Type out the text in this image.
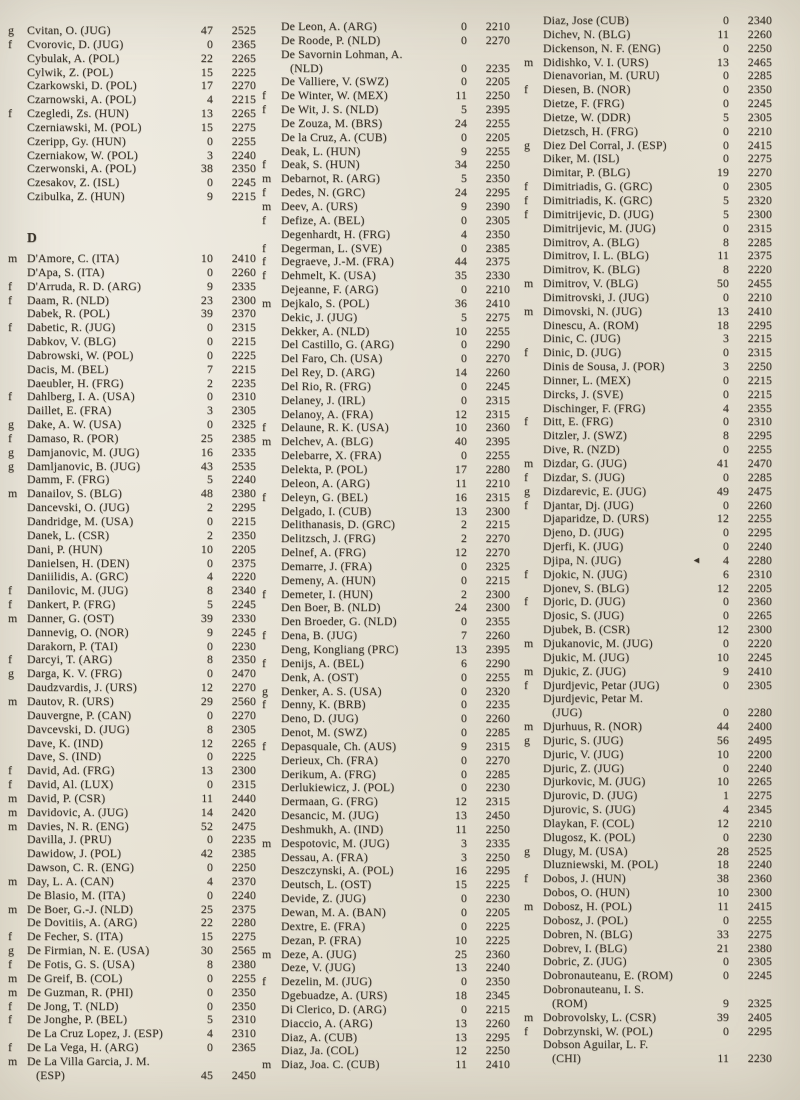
g	Cvitan, O. (JUG)	47	2525
f	Cvorovic, D. (JUG)	0	2365
Cybulak, A. (POL)	22	2265
Cylwik, Z. (POL)	15	2225
Czarkowski, D. (POL)	17	2270
Czarnowski, A. (POL)	4	2215
f	Czegledi, Zs. (HUN)	13	2265
Czerniawski, M. (POL)	15	2275
Czeripp, Gy. (HUN)	0	2255
Czerniakow, W. (POL)	3	2240
Czerwonski, A. (POL)	38	2350
Czesakov, Z. (ISL)	0	2245
Czibulka, Z. (HUN)	9	2215
D
m D'Amore, C. (ITA)	10	2410
D'Apa, S. (ITA)	0	2260
f	D'Arruda, R. D. (ARG)	9	2335
f	Daam, R. (NLD)	23	2300
Dabek, R. (POL)	39	2370
f	Dabetic, R. (JUG)	0	2315
Dabkov, V. (BLG)	0	2215
Dabrowski, W. (POL)	0	2225
Dacis, M. (BEL)	7	2215
Daeubler, H. (FRG)	2	2235
f	Dahlberg, I. A. (USA)	0	2310
Daillet, E. (FRA)	3	2305
g	Dake, A. W. (USA)	0	2325
f	Damaso, R. (POR)	25	2385
g	Damjanovic, M. (JUG)	16	2335
g	Damljanovic, B. (JUG)	43	2535
Damm, F. (FRG)	5	2240
m Danailov, S. (BLG)	48	2380
Dancevski, O. (JUG)	2	2295
Dandridge, M. (USA)	0	2215
Danek, L. (CSR)	2	2350
Dani, P. (HUN)	10	2205
Danielsen, H. (DEN)	0	2375
Daniilidis, A. (GRC)	4	2220
f	Danilovic, M. (JUG)	8	2340
f	Dankert, P. (FRG)	5	2245
m Danner, G. (OST)	39	2330
Dannevig, O. (NOR)	9	2245
Darakorn, P. (TAI)	0	2230
f	Darcyi, T. (ARG)	8	2350
g	Darga, K. V. (FRG)	0	2470
Daudzvardis, J. (URS)	12	2270
m Dautov, R. (URS)	29	2560
Dauvergne, P. (CAN)	0	2270
Davcevski, D. (JUG)	8	2305
Dave, K. (IND)	12	2265
Dave, S. (IND)	0	2225
f	David, Ad. (FRG)	13	2300
f	David, Al. (LUX)	0	2315
m David, P. (CSR)	11	2440
m Davidovic, A. (JUG)	14	2420
m Davies, N. R. (ENG)	52	2475
Davilla, J. (PRU)	0	2235
Dawidow, J. (POL)	42	2385
Dawson, C. R. (ENG)	0	2250
m Day, L. A. (CAN)	4	2370
De Blasio, M. (ITA)	0	2240
m De Boer, G.-J. (NLD)	25	2375
De Dovitiis, A. (ARG)	22	2280
f	De Fecher, S. (ITA)	15	2275
g	De Firmian, N. E. (USA)	30	2565
f	De Fotis, G. S. (USA)	8	2380
m De Greif, B. (COL)	0	2255
m De Guzman, R. (PHI)	0	2350
f	De Jong, T. (NLD)	0	2350
f	De Jonghe, P. (BEL)	5	2310
De La Cruz Lopez, J. (ESP)	4	2310
f	De La Vega, H. (ARG)	0	2365
m De La Villa Garcia, J. M.
(ESP)	45	2450
De Leon, A. (ARG)	0	2210
De Roode, P. (NLD)	0	2270
De Savornin Lohman, A.
(NLD)	0	2235
De Valliere, V. (SWZ)	0	2205
f	De Winter, W. (MEX)	11	2250
f	De Wit, J. S. (NLD)	5	2395
De Zouza, M. (BRS)	24	2255
De la Cruz, A. (CUB)	0	2205
Deak, L. (HUN)	9	2255
f	Deak, S. (HUN)	34	2250
m Debarnot, R. (ARG)	5	2350
f	Dedes, N. (GRC)	24	2295
m Deev, A. (URS)	9	2390
f	Defize, A. (BEL)	0	2305
Degenhardt, H. (FRG)	4	2350
f	Degerman, L. (SVE)	0	2385
f	Degraeve, J.-M. (FRA)	44	2375
f	Dehmelt, K. (USA)	35	2330
Dejeanne, F. (ARG)	0	2210
m Dejkalo, S. (POL)	36	2410
Dekic, J. (JUG)	5	2275
Dekker, A. (NLD)	10	2255
Del Castillo, G. (ARG)	0	2290
Del Faro, Ch. (USA)	0	2270
Del Rey, D. (ARG)	14	2260
Del Rio, R. (FRG)	0	2245
Delaney, J. (IRL)	0	2315
Delanoy, A. (FRA)	12	2315
f	Delaune, R. K. (USA)	10	2360
m Delchev, A. (BLG)	40	2395
Delebarre, X. (FRA)	0	2255
Delekta, P. (POL)	17	2280
Deleon, A. (ARG)	11	2210
f	Deleyn, G. (BEL)	16	2315
Delgado, I. (CUB)	13	2300
Delithanasis, D. (GRC)	2	2215
Delitzsch, J. (FRG)	2	2270
Delnef, A. (FRG)	12	2270
Demarre, J. (FRA)	0	2325
Demeny, A. (HUN)	0	2215
f	Demeter, I. (HUN)	2	2300
Den Boer, B. (NLD)	24	2300
Den Broeder, G. (NLD)	0	2355
f	Dena, B. (JUG)	7	2260
Deng, Kongliang (PRC)	13	2395
f	Denijs, A. (BEL)	6	2290
Denk, A. (OST)	0	2255
g	Denker, A. S. (USA)	0	2320
f	Denny, K. (BRB)	0	2235
Deno, D. (JUG)	0	2260
Denot, M. (SWZ)	0	2285
f	Depasquale, Ch. (AUS)	9	2315
Derieux, Ch. (FRA)	0	2270
Derikum, A. (FRG)	0	2285
Derlukiewicz, J. (POL)	0	2230
Dermaan, G. (FRG)	12	2315
Desancic, M. (JUG)	13	2450
Deshmukh, A. (IND)	11	2250
m Despotovic, M. (JUG)	3	2335
Dessau, A. (FRA)	3	2250
Deszczynski, A. (POL)	16	2295
Deutsch, L. (OST)	15	2225
Devide, Z. (JUG)	0	2230
Dewan, M. A. (BAN)	0	2205
Dextre, E. (FRA)	0	2225
Dezan, P. (FRA)	10	2225
m Deze, A. (JUG)	25	2360
Deze, V. (JUG)	13	2240
f	Dezelin, M. (JUG)	0	2350
Dgebuadze, A. (URS)	18	2345
Di Clerico, D. (ARG)	0	2215
Diaccio, A. (ARG)	13	2260
Diaz, A. (CUB)	13	2295
Diaz, Ja. (COL)	12	2250
m Diaz, Joa. C. (CUB)	11	2410
Diaz, Jose (CUB)	0	2340
Dichev, N. (BLG)	11	2260
Dickenson, N. F. (ENG)	0	2250
m Didishko, V. I. (URS)	13	2465
Dienavorian, M. (URU)	0	2285
f	Diesen, B. (NOR)	0	2350
Dietze, F. (FRG)	0	2245
Dietze, W. (DDR)	5	2305
Dietzsch, H. (FRG)	0	2210
g	Diez Del Corral, J. (ESP)	0	2415
Diker, M. (ISL)	0	2275
Dimitar, P. (BLG)	19	2270
f	Dimitriadis, G. (GRC)	0	2305
f	Dimitriadis, K. (GRC)	5	2320
f	Dimitrijevic, D. (JUG)	5	2300
Dimitrijevic, M. (JUG)	0	2315
Dimitrov, A. (BLG)	8	2285
Dimitrov, I. L. (BLG)	11	2375
Dimitrov, K. (BLG)	8	2220
m Dimitrov, V. (BLG)	50	2455
Dimitrovski, J. (JUG)	0	2210
m Dimovski, N. (JUG)	13	2410
Dinescu, A. (ROM)	18	2295
Dinic, C. (JUG)	3	2215
f	Dinic, D. (JUG)	0	2315
Dinis de Sousa, J. (POR)	3	2250
Dinner, L. (MEX)	0	2215
Dircks, J. (SVE)	0	2215
Dischinger, F. (FRG)	4	2355
f	Ditt, E. (FRG)	0	2310
Ditzler, J. (SWZ)	8	2295
Dive, R. (NZD)	0	2255
m Dizdar, G. (JUG)	41	2470
f	Dizdar, S. (JUG)	0	2285
g	Dizdarevic, E. (JUG)	49	2475
f	Djantar, Dj. (JUG)	0	2260
Djaparidze, D. (URS)	12	2255
Djeno, D. (JUG)	0	2295
Djerfi, K. (JUG)	0	2240
Djipa, N. (JUG)	◄	4	2280
f	Djokic, N. (JUG)	6	2310
Djonev, S. (BLG)	12	2205
f	Djoric, D. (JUG)	0	2360
Djosic, S. (JUG)	0	2265
Djubek, B. (CSR)	12	2300
m Djukanovic, M. (JUG)	0	2220
Djukic, M. (JUG)	10	2245
m Djukic, Z. (JUG)	9	2410
f	Djurdjevic, Petar (JUG)	0	2305
Djurdjevic, Petar M.
(JUG)	0	2280
m Djurhuus, R. (NOR)	44	2400
g	Djuric, S. (JUG)	56	2495
Djuric, V. (JUG)	10	2200
Djuric, Z. (JUG)	0	2240
Djurkovic, M. (JUG)	10	2265
Djurovic, D. (JUG)	1	2275
Djurovic, S. (JUG)	4	2345
Dlaykan, F. (COL)	12	2210
Dlugosz, K. (POL)	0	2230
g	Dlugy, M. (USA)	28	2525
Dluzniewski, M. (POL)	18	2240
f	Dobos, J. (HUN)	38	2360
Dobos, O. (HUN)	10	2300
m Dobosz, H. (POL)	11	2415
Dobosz, J. (POL)	0	2255
Dobren, N. (BLG)	33	2275
Dobrev, I. (BLG)	21	2380
Dobric, Z. (JUG)	0	2305
Dobronauteanu, E. (ROM)	0	2245
Dobronauteanu, I. S.
(ROM)	9	2325
m Dobrovolsky, L. (CSR)	39	2405
f	Dobrzynski, W. (POL)	0	2295
Dobson Aguilar, L. F.
(CHI)	11	2230
